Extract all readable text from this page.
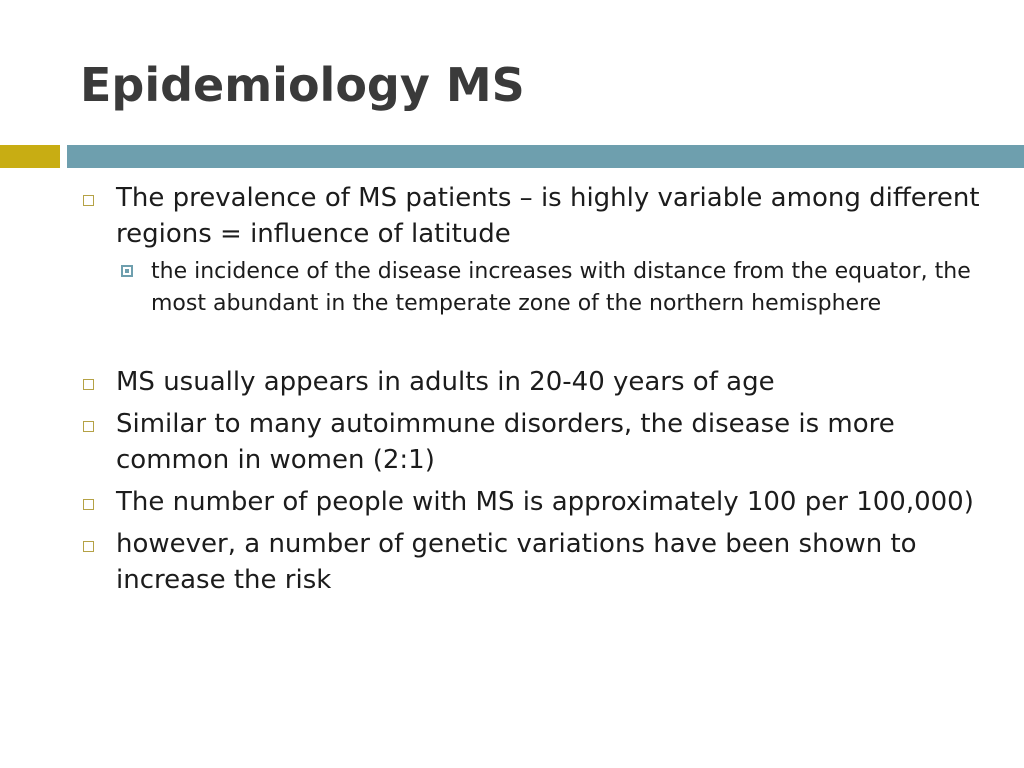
Epidemiology MS
The prevalence of MS patients – is highly variable among different regions = influence of latitude
the incidence of the disease increases with distance from the equator, the most abundant in the temperate zone of the northern hemisphere
MS usually appears in adults in 20-40 years of age
Similar to many autoimmune disorders, the disease is more common in women (2:1)
The number of people with MS is approximately 100 per 100,000)
however, a number of genetic variations have been shown to increase the risk
